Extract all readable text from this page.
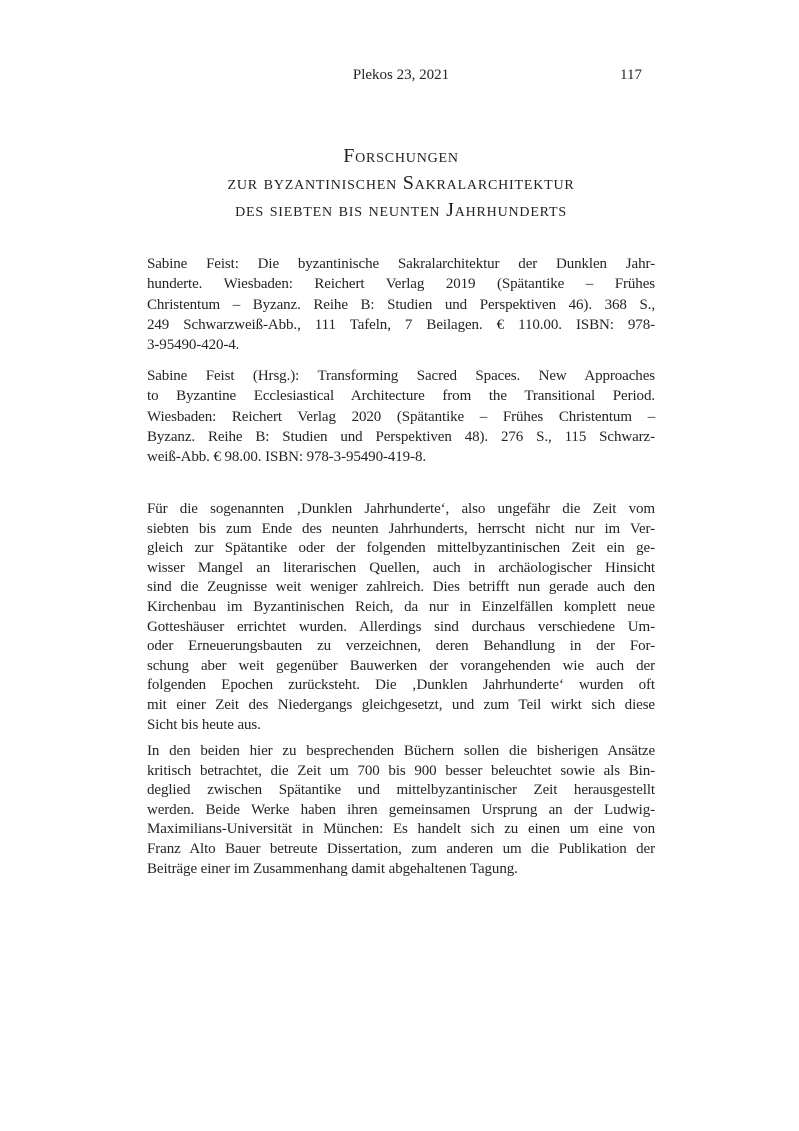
Plekos 23, 2021	117
Forschungen
zur byzantinischen Sakralarchitektur
des siebten bis neunten Jahrhunderts
Sabine Feist: Die byzantinische Sakralarchitektur der Dunklen Jahr-
hunderte. Wiesbaden: Reichert Verlag 2019 (Spätantike – Frühes
Christentum – Byzanz. Reihe B: Studien und Perspektiven 46). 368 S.,
249 Schwarzweiß-Abb., 111 Tafeln, 7 Beilagen. € 110.00. ISBN: 978-
3-95490-420-4.
Sabine Feist (Hrsg.): Transforming Sacred Spaces. New Approaches
to Byzantine Ecclesiastical Architecture from the Transitional Period.
Wiesbaden: Reichert Verlag 2020 (Spätantike – Frühes Christentum –
Byzanz. Reihe B: Studien und Perspektiven 48). 276 S., 115 Schwarz-
weiß-Abb. € 98.00. ISBN: 978-3-95490-419-8.
Für die sogenannten ‚Dunklen Jahrhunderte‘, also ungefähr die Zeit vom
siebten bis zum Ende des neunten Jahrhunderts, herrscht nicht nur im Ver-
gleich zur Spätantike oder der folgenden mittelbyzantinischen Zeit ein ge-
wisser Mangel an literarischen Quellen, auch in archäologischer Hinsicht
sind die Zeugnisse weit weniger zahlreich. Dies betrifft nun gerade auch den
Kirchenbau im Byzantinischen Reich, da nur in Einzelfällen komplett neue
Gotteshäuser errichtet wurden. Allerdings sind durchaus verschiedene Um-
oder Erneuerungsbauten zu verzeichnen, deren Behandlung in der For-
schung aber weit gegenüber Bauwerken der vorangehenden wie auch der
folgenden Epochen zurücksteht. Die ‚Dunklen Jahrhunderte‘ wurden oft
mit einer Zeit des Niedergangs gleichgesetzt, und zum Teil wirkt sich diese
Sicht bis heute aus.
In den beiden hier zu besprechenden Büchern sollen die bisherigen Ansätze
kritisch betrachtet, die Zeit um 700 bis 900 besser beleuchtet sowie als Bin-
deglied zwischen Spätantike und mittelbyzantinischer Zeit herausgestellt
werden. Beide Werke haben ihren gemeinsamen Ursprung an der Ludwig-
Maximilians-Universität in München: Es handelt sich zu einen um eine von
Franz Alto Bauer betreute Dissertation, zum anderen um die Publikation der
Beiträge einer im Zusammenhang damit abgehaltenen Tagung.
